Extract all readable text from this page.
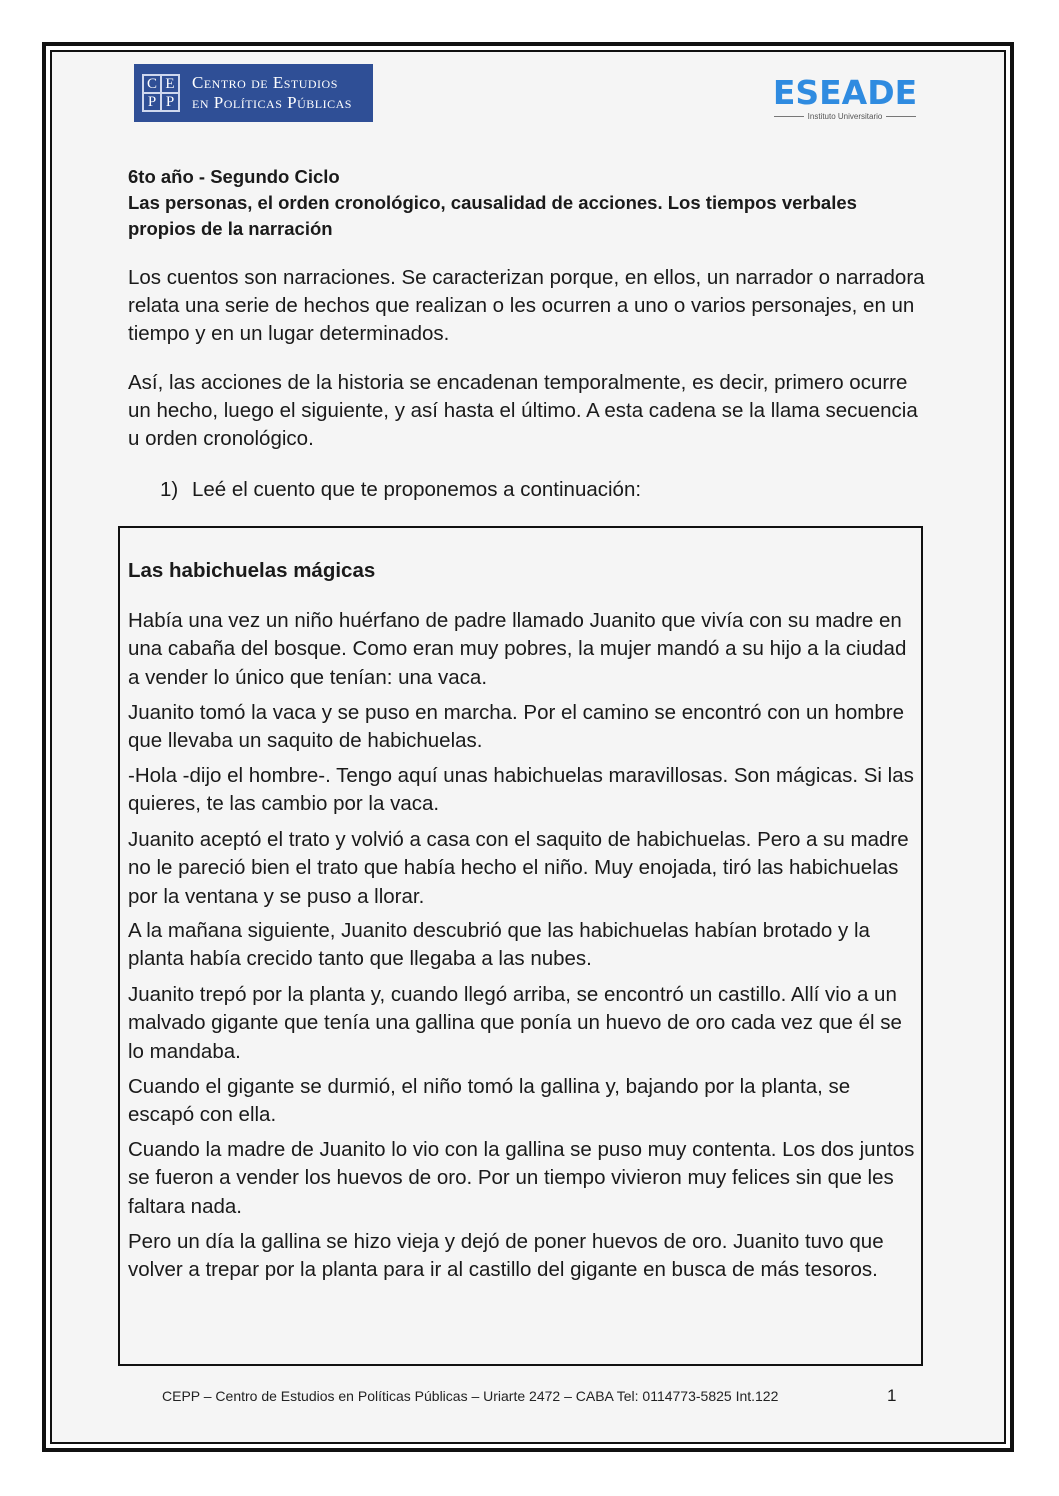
C E
P P
Centro de Estudios
en Políticas Públicas	ESEADE
Instituto Universitario
6to año - Segundo Ciclo
Las personas, el orden cronológico, causalidad de acciones. Los tiempos verbales propios de la narración

Los cuentos son narraciones. Se caracterizan porque, en ellos, un narrador o narradora relata una serie de hechos que realizan o les ocurren a uno o varios personajes, en un tiempo y en un lugar determinados.

Así, las acciones de la historia se encadenan temporalmente, es decir, primero ocurre un hecho, luego el siguiente, y así hasta el último. A esta cadena se la llama secuencia u orden cronológico.

1) Leé el cuento que te proponemos a continuación:
Las habichuelas mágicas

Había una vez un niño huérfano de padre llamado Juanito que vivía con su madre en una cabaña del bosque. Como eran muy pobres, la mujer mandó a su hijo a la ciudad a vender lo único que tenían: una vaca.

Juanito tomó la vaca y se puso en marcha. Por el camino se encontró con un hombre que llevaba un saquito de habichuelas.

-Hola -dijo el hombre-. Tengo aquí unas habichuelas maravillosas. Son mágicas. Si las quieres, te las cambio por la vaca.

Juanito aceptó el trato y volvió a casa con el saquito de habichuelas. Pero a su madre no le pareció bien el trato que había hecho el niño. Muy enojada, tiró las habichuelas por la ventana y se puso a llorar.

A la mañana siguiente, Juanito descubrió que las habichuelas habían brotado y la planta había crecido tanto que llegaba a las nubes.

Juanito trepó por la planta y, cuando llegó arriba, se encontró un castillo. Allí vio a un malvado gigante que tenía una gallina que ponía un huevo de oro cada vez que él se lo mandaba.

Cuando el gigante se durmió, el niño tomó la gallina y, bajando por la planta, se escapó con ella.

Cuando la madre de Juanito lo vio con la gallina se puso muy contenta. Los dos juntos se fueron a vender los huevos de oro. Por un tiempo vivieron muy felices sin que les faltara nada.

Pero un día la gallina se hizo vieja y dejó de poner huevos de oro. Juanito tuvo que volver a trepar por la planta para ir al castillo del gigante en busca de más tesoros.

CEPP – Centro de Estudios en Políticas Públicas – Uriarte 2472 – CABA Tel: 0114773-5825 Int.122	1
